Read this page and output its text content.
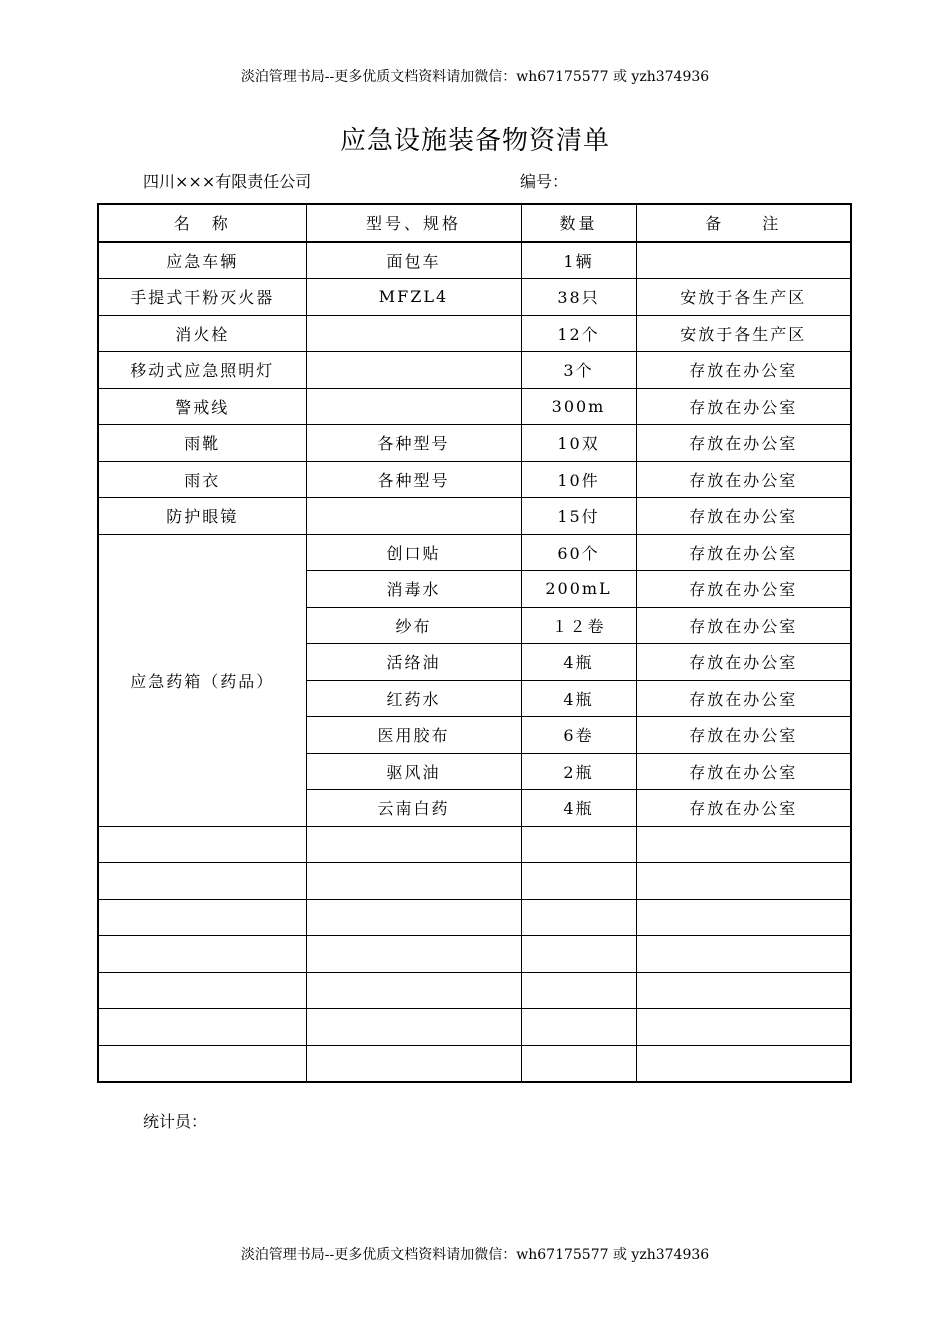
淡泊管理书局--更多优质文档资料请加微信：wh67175577 或 yzh374936
应急设施装备物资清单
四川×××有限责任公司	编号：
名　称	型号、规格	数量	备　　注
应急车辆	面包车	1辆	
手提式干粉灭火器	MFZL4	38只	安放于各生产区
消火栓		12个	安放于各生产区
移动式应急照明灯		3个	存放在办公室
警戒线		300m	存放在办公室
雨靴	各种型号	10双	存放在办公室
雨衣	各种型号	10件	存放在办公室
防护眼镜		15付	存放在办公室
应急药箱（药品）	创口贴	60个	存放在办公室
	消毒水	200mL	存放在办公室
	纱布	１２卷	存放在办公室
	活络油	4瓶	存放在办公室
	红药水	4瓶	存放在办公室
	医用胶布	6卷	存放在办公室
	驱风油	2瓶	存放在办公室
	云南白药	4瓶	存放在办公室

统计员：
淡泊管理书局--更多优质文档资料请加微信：wh67175577 或 yzh374936
